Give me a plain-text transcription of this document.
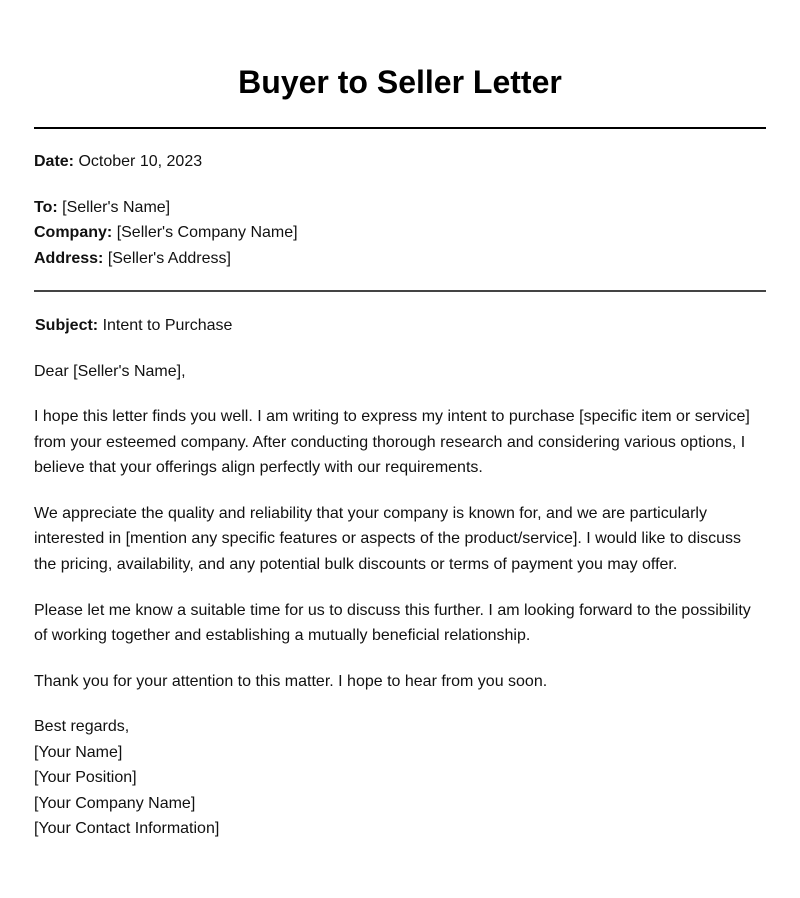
Buyer to Seller Letter

Date: October 10, 2023

To: [Seller's Name]

Company: [Seller's Company Name]

Address: [Seller's Address]

Subject: Intent to Purchase

Dear [Seller's Name],

I hope this letter finds you well. I am writing to express my intent to purchase [specific item or service] from your esteemed company. After conducting thorough research and considering various options, I believe that your offerings align perfectly with our requirements.

We appreciate the quality and reliability that your company is known for, and we are particularly interested in [mention any specific features or aspects of the product/service]. I would like to discuss the pricing, availability, and any potential bulk discounts or terms of payment you may offer.

Please let me know a suitable time for us to discuss this further. I am looking forward to the possibility of working together and establishing a mutually beneficial relationship.

Thank you for your attention to this matter. I hope to hear from you soon.

Best regards,

[Your Name]

[Your Position]

[Your Company Name]

[Your Contact Information]
